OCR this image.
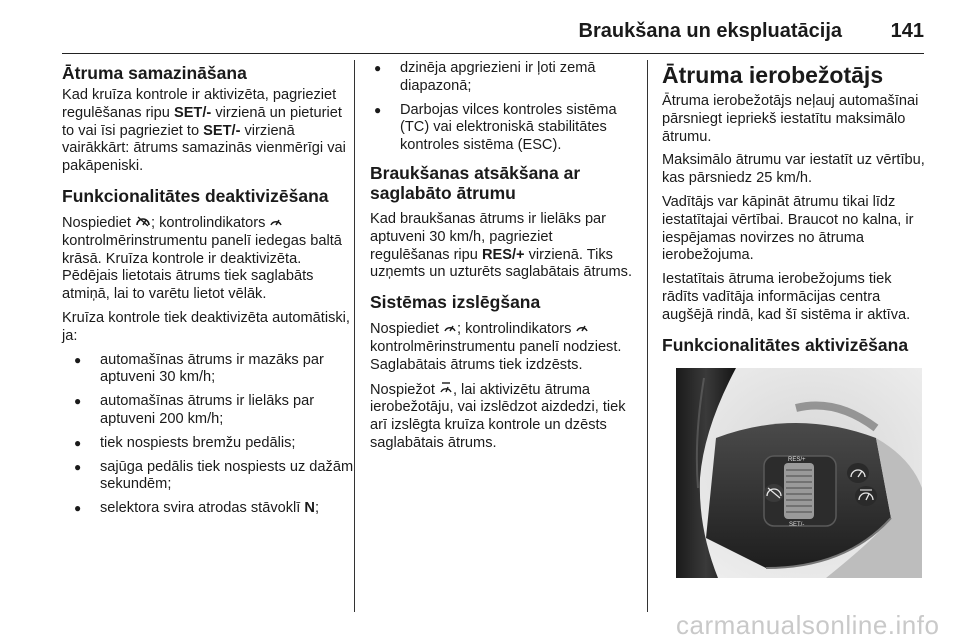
Braukšana un ekspluatācija 141
Ātruma samazināšana

Kad kruīza kontrole ir aktivizēta, pagrieziet regulēšanas ripu SET/- virzienā un pieturiet to vai īsi pagrieziet to SET/- virzienā vairākkārt: ātrums samazinās vienmērīgi vai pakāpeniski.

Funkcionalitātes deaktivizēšana

Nospiediet ; kontrolindikators  kontrolmērinstrumentu panelī iedegas baltā krāsā. Kruīza kontrole ir deaktivizēta. Pēdējais lietotais ātrums tiek saglabāts atmiņā, lai to varētu lietot vēlāk.

Kruīza kontrole tiek deaktivizēta automātiski, ja:

● automašīnas ātrums ir mazāks par aptuveni 30 km/h;
● automašīnas ātrums ir lielāks par aptuveni 200 km/h;
● tiek nospiests bremžu pedālis;
● sajūga pedālis tiek nospiests uz dažām sekundēm;
● selektora svira atrodas stāvoklī N;
● dzinēja apgriezieni ir ļoti zemā diapazonā;
● Darbojas vilces kontroles sistēma (TC) vai elektroniskā stabilitātes kontroles sistēma (ESC).
Braukšanas atsākšana ar saglabāto ātrumu

Kad braukšanas ātrums ir lielāks par aptuveni 30 km/h, pagrieziet regulēšanas ripu RES/+ virzienā. Tiks uzņemts un uzturēts saglabātais ātrums.

Sistēmas izslēgšana

Nospiediet ; kontrolindikators  kontrolmērinstrumentu panelī nodziest. Saglabātais ātrums tiek izdzēsts.

Nospiežot , lai aktivizētu ātruma ierobežotāju, vai izslēdzot aizdedzi, tiek arī izslēgta kruīza kontrole un dzēsts saglabātais ātrums.

Ātruma ierobežotājs

Ātruma ierobežotājs neļauj automašīnai pārsniegt iepriekš iestatītu maksimālo ātrumu.

Maksimālo ātrumu var iestatīt uz vērtību, kas pārsniedz 25 km/h.

Vadītājs var kāpināt ātrumu tikai līdz iestatītajai vērtībai. Braucot no kalna, ir iespējamas novirzes no ātruma ierobežojuma.

Iestatītais ātruma ierobežojums tiek rādīts vadītāja informācijas centra augšējā rindā, kad šī sistēma ir aktīva.

Funkcionalitātes aktivizēšana
RES/+
SET/-
carmanualsonline.info
